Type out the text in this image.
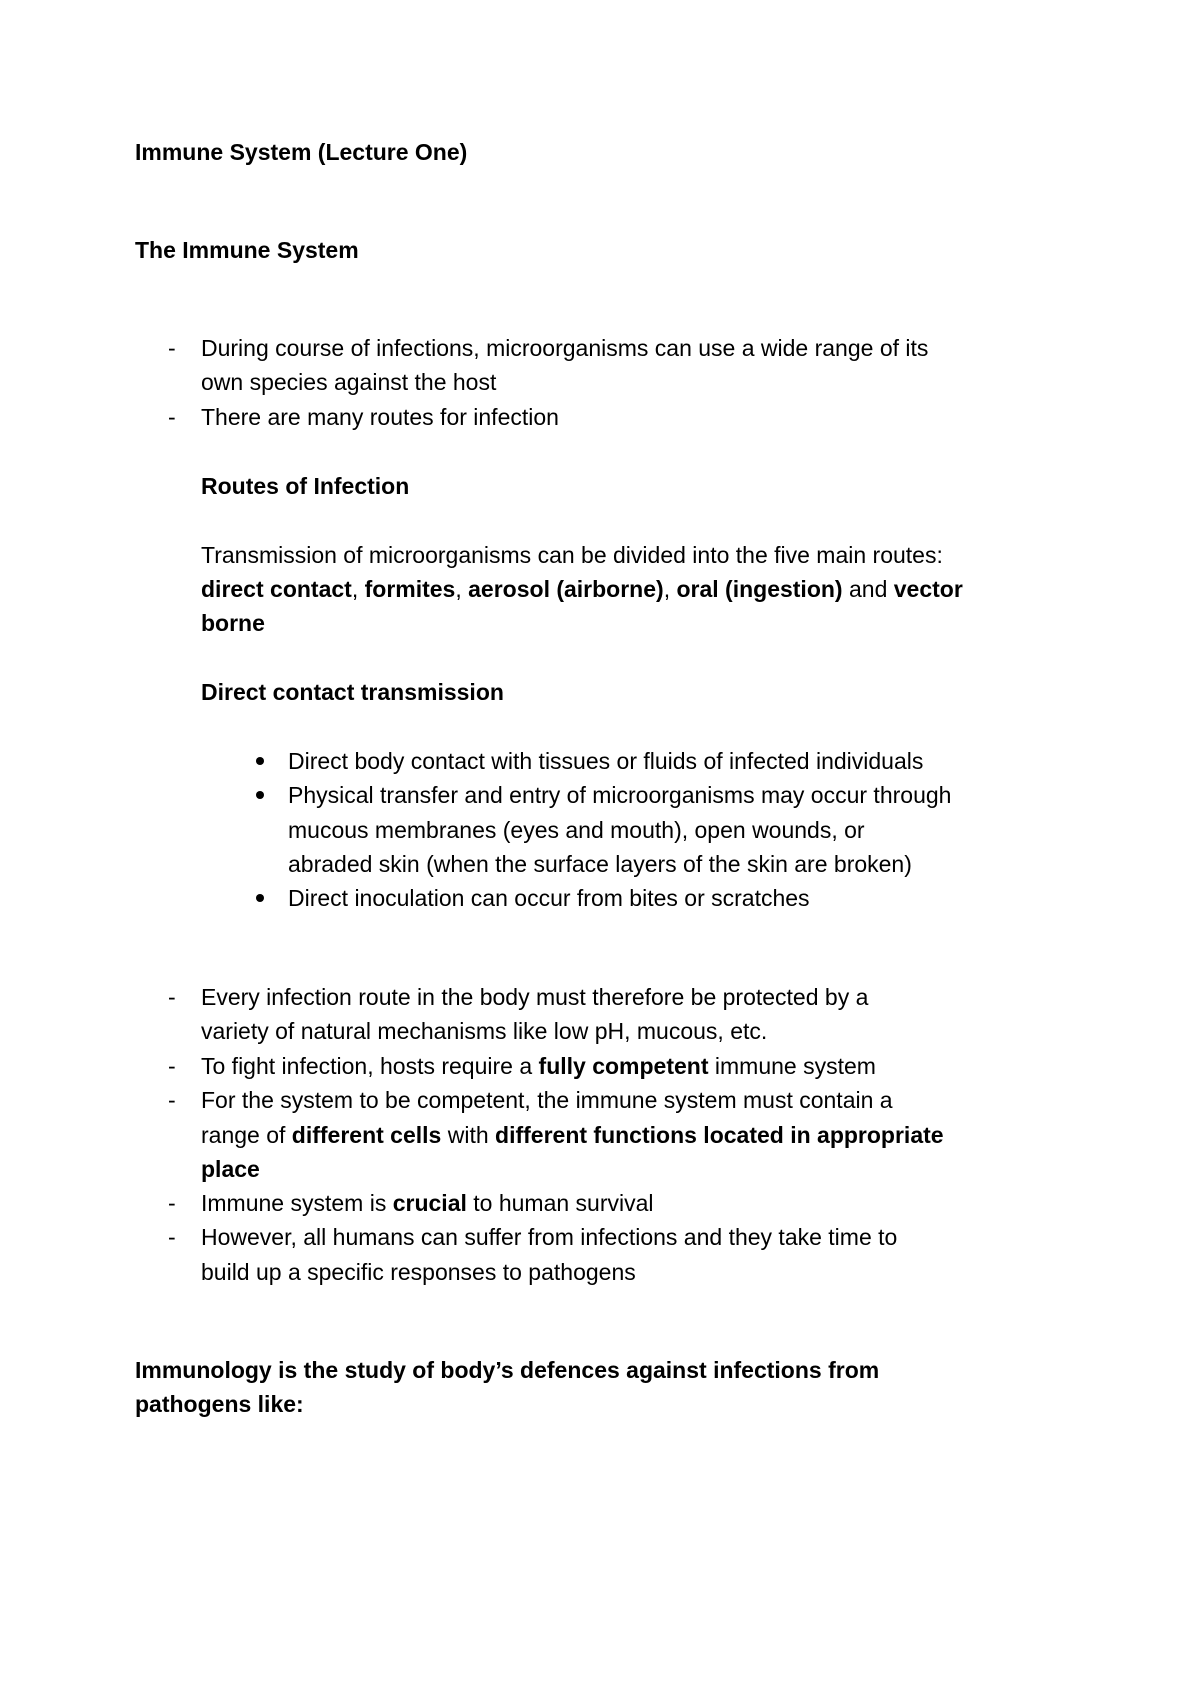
Immune System (Lecture One)
The Immune System
- During course of infections, microorganisms can use a wide range of its
own species against the host
- There are many routes for infection
Routes of Infection
Transmission of microorganisms can be divided into the five main routes:
direct contact, formites, aerosol (airborne), oral (ingestion) and vector
borne
Direct contact transmission
Direct body contact with tissues or fluids of infected individuals
Physical transfer and entry of microorganisms may occur through
mucous membranes (eyes and mouth), open wounds, or
abraded skin (when the surface layers of the skin are broken)
Direct inoculation can occur from bites or scratches
- Every infection route in the body must therefore be protected by a
variety of natural mechanisms like low pH, mucous, etc.
- To fight infection, hosts require a fully competent immune system
- For the system to be competent, the immune system must contain a
range of different cells with different functions located in appropriate
place
- Immune system is crucial to human survival
- However, all humans can suffer from infections and they take time to
build up a specific responses to pathogens
Immunology is the study of body’s defences against infections from
pathogens like:
